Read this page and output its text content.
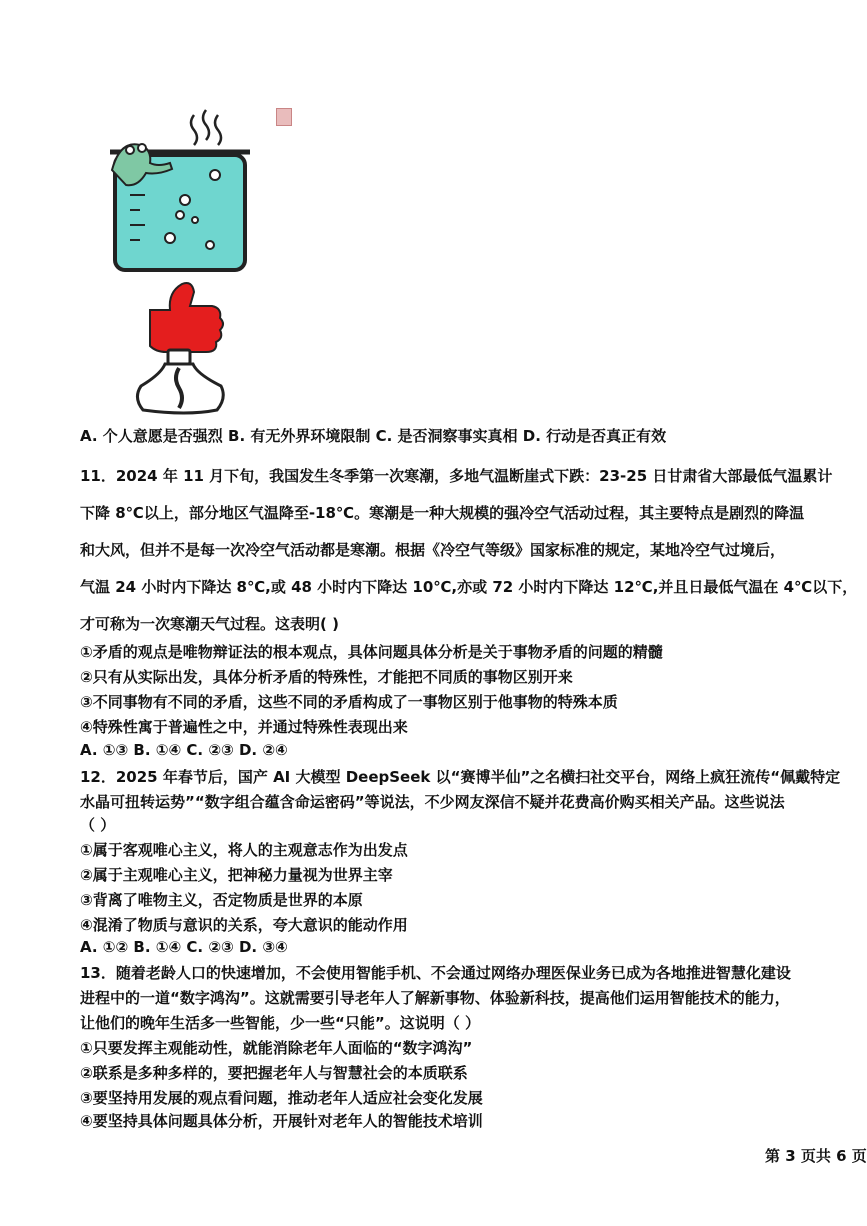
A. 个人意愿是否强烈 B. 有无外界环境限制 C. 是否洞察事实真相 D. 行动是否真正有效
11．2024 年 11 月下旬，我国发生冬季第一次寒潮，多地气温断崖式下跌：23-25 日甘肃省大部最低气温累计
下降 8℃以上，部分地区气温降至-18℃。寒潮是一种大规模的强冷空气活动过程，其主要特点是剧烈的降温
和大风，但并不是每一次冷空气活动都是寒潮。根据《冷空气等级》国家标准的规定，某地冷空气过境后，
气温 24 小时内下降达 8℃,或 48 小时内下降达 10℃,亦或 72 小时内下降达 12℃,并且日最低气温在 4℃以下，
才可称为一次寒潮天气过程。这表明( )
①矛盾的观点是唯物辩证法的根本观点，具体问题具体分析是关于事物矛盾的问题的精髓
②只有从实际出发，具体分析矛盾的特殊性，才能把不同质的事物区别开来
③不同事物有不同的矛盾，这些不同的矛盾构成了一事物区别于他事物的特殊本质
④特殊性寓于普遍性之中，并通过特殊性表现出来
A. ①③ B. ①④ C. ②③ D. ②④
12．2025 年春节后，国产 AI 大模型 DeepSeek 以“赛博半仙”之名横扫社交平台，网络上疯狂流传“佩戴特定
水晶可扭转运势”“数字组合蕴含命运密码”等说法，不少网友深信不疑并花费高价购买相关产品。这些说法
（ ）
①属于客观唯心主义，将人的主观意志作为出发点
②属于主观唯心主义，把神秘力量视为世界主宰
③背离了唯物主义，否定物质是世界的本原
④混淆了物质与意识的关系，夸大意识的能动作用
A. ①② B. ①④ C. ②③ D. ③④
13．随着老龄人口的快速增加，不会使用智能手机、不会通过网络办理医保业务已成为各地推进智慧化建设
进程中的一道“数字鸿沟”。这就需要引导老年人了解新事物、体验新科技，提高他们运用智能技术的能力，
让他们的晚年生活多一些智能，少一些“只能”。这说明（ ）
①只要发挥主观能动性，就能消除老年人面临的“数字鸿沟”
②联系是多种多样的，要把握老年人与智慧社会的本质联系
③要坚持用发展的观点看问题，推动老年人适应社会变化发展
④要坚持具体问题具体分析，开展针对老年人的智能技术培训
第 3 页共 6 页
